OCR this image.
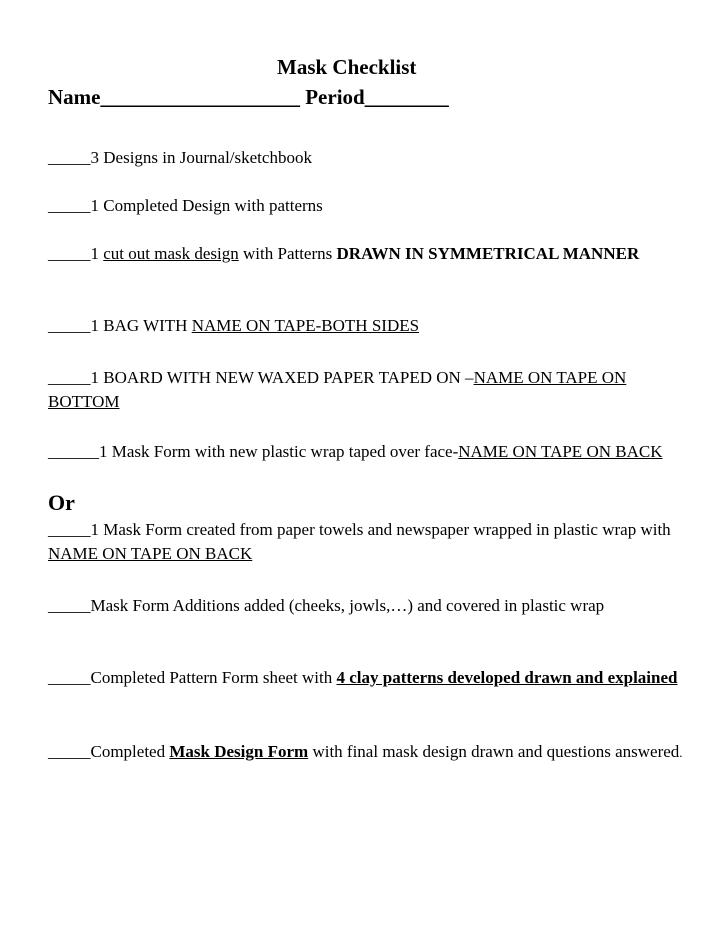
Mask Checklist
Name___________________ Period________
_____3 Designs in Journal/sketchbook
_____1 Completed Design with patterns
_____1 cut out mask design with Patterns DRAWN IN SYMMETRICAL MANNER
_____1 BAG WITH NAME ON TAPE-BOTH SIDES
_____1 BOARD WITH NEW WAXED PAPER TAPED ON –NAME ON TAPE ON BOTTOM
______1 Mask Form with new plastic wrap taped over face-NAME ON TAPE ON BACK
Or
_____1 Mask Form created from paper towels and newspaper wrapped in plastic wrap with NAME ON TAPE ON BACK
_____Mask Form Additions added (cheeks, jowls,…) and covered in plastic wrap
_____Completed Pattern Form sheet with 4 clay patterns developed drawn and explained
_____Completed Mask Design Form with final mask design drawn and questions answered.
